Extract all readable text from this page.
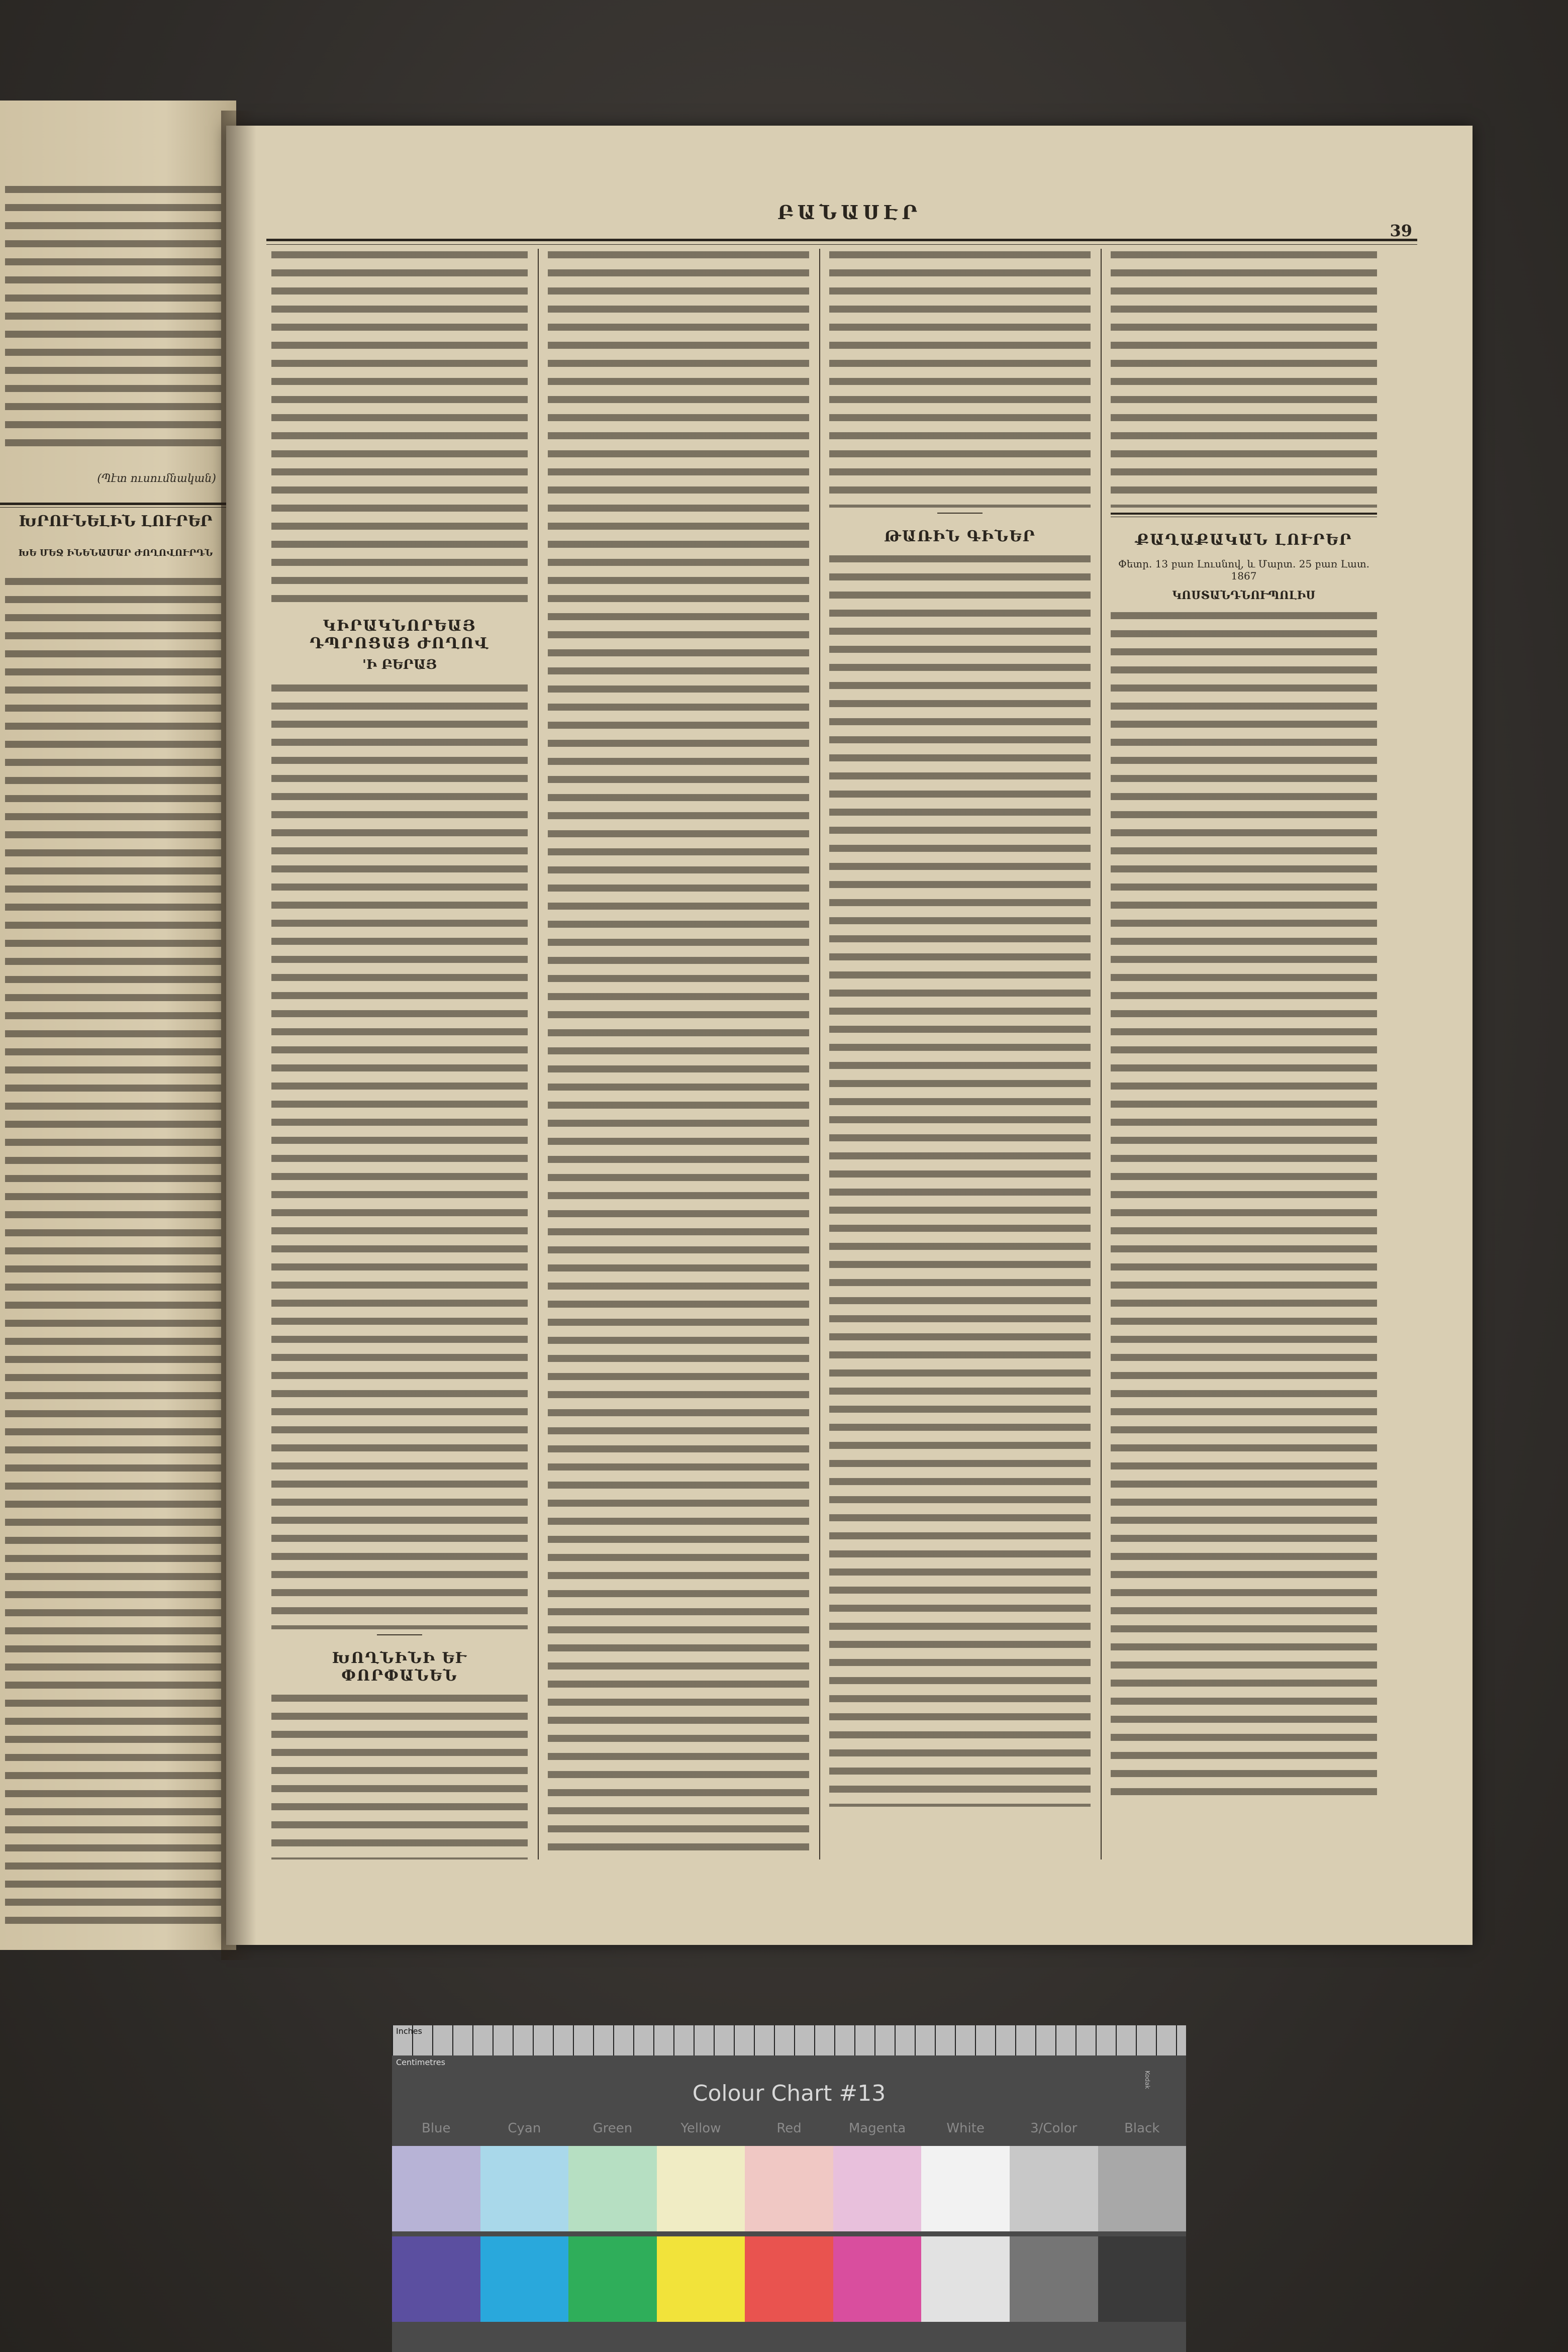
(Պէտ ուսումնական)
ԽՐՈՒՆԵԼԻՆ ԼՈՒՐԵՐ
ԽԵ ՄԵՋ ԻՆԵՆԱՄԱՐ ԺՈՂՈՎՈՒՐԴՆ
ԲԱՆԱՍԷՐ
39
ԿԻՐԱԿՆՈՐԵԱՅ ԴՊՐՈՑԱՅ ԺՈՂՈՎ
'Ի ԲԵՐԱՅ
ԽՈՂՆԻՆԻ ԵՒ ՓՈՐՓԱՆԵՆ
ԹԱՌԻՆ ԳԻՆԵՐ	ՔԱՂԱՔԱԿԱՆ ԼՈՒՐԵՐ
Փետր. 13 բառ Լուսնով, և Մարտ. 25 բառ Լատ. 1867
ԿՈՍՏԱՆԴՆՈՒՊՈԼԻՍ
Inches
Centimetres
Colour Chart #13
Kodak
Blue	Cyan	Green	Yellow	Red	Magenta	White	3/Color	Black
